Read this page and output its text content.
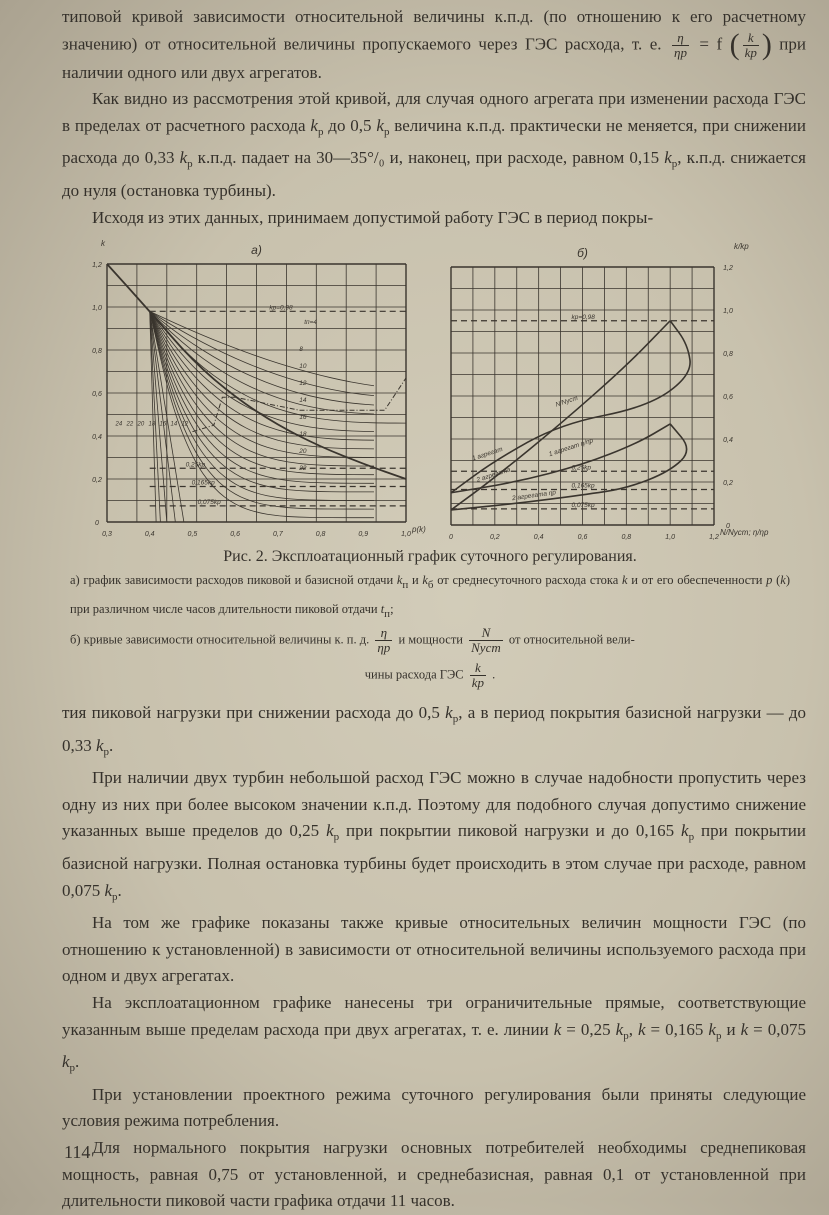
типовой кривой зависимости относительной величины к.п.д. (по отношению к его расчетному значению) от относительной величины пропускаемого через ГЭС расхода, т. е. $\frac{\eta}{\eta р} = f$ ( $\frac{k}{kр}$ ) при наличии одного или двух агрегатов.

Как видно из рассмотрения этой кривой, для случая одного агрегата при изменении расхода ГЭС в пределах от расчетного расхода $k_р$ до 0,5 $k_р$ величина к.п.д. практически не меняется, при снижении расхода до 0,33 $k_р$ к.п.д. падает на 30—35°/₀ и, наконец, при расходе, равном 0,15 $k_р$, к.п.д. снижается до нуля (остановка турбины).

Исходя из этих данных, принимаем допустимой работу ГЭС в период покры-

0,3	0,4	0,5	0,6	0,7	0,8	0,9	1,0
0
0,2
0,4
0,6
0,8
1,0
1,2
а)
k
p(k)
kр=0,98
0,25kр
0,165kр
0,075kр
tп=4
8
10
12
14
16
18
20
22
24 22 20 18 16 14 12
0	0,2	0,4	0,6	0,8	1,0	1,2
0
0,2
0,4
0,6
0,8
1,0
1,2
б)	k/kр
N/Nуст; η/ηр
kр=0,98
0,25kр
0,165kр
0,075kр
N/Nуст
1 агрегат
2 агрегата
1 агрегат η/ηр
2 агрегата ηр
Рис. 2. Эксплоатационный график суточного регулирования.

а) график зависимости расходов пиковой и базисной отдачи kп и kб от среднесуточного расхода стока k и от его обеспеченности p (k) при различном числе часов длительности пиковой отдачи tп;

б) кривые зависимости относительной величины к. п. д. $\frac{\eta}{\eta р}$ и мощности $\frac{N}{\text{Nуст}}$ от относительной вели-

чины расхода ГЭС $\frac{k}{kр}$ .

тия пиковой нагрузки при снижении расхода до 0,5 $k_р$, а в период покрытия базисной нагрузки — до 0,33 $k_р$.

При наличии двух турбин небольшой расход ГЭС можно в случае надобности пропустить через одну из них при более высоком значении к.п.д. Поэтому для подобного случая допустимо снижение указанных выше пределов до 0,25 $k_р$ при покрытии пиковой нагрузки и до 0,165 $k_р$ при покрытии базисной нагрузки. Полная остановка турбины будет происходить в этом случае при расходе, равном 0,075 $k_р$.

На том же графике показаны также кривые относительных величин мощности ГЭС (по отношению к установленной) в зависимости от относительной величины используемого расхода при одном и двух агрегатах.

На эксплоатационном графике нанесены три ограничительные прямые, соответствующие указанным выше пределам расхода при двух агрегатах, т. е. линии k = 0,25 $k_р$, k = 0,165 $k_р$ и k = 0,075 $k_р$.

При установлении проектного режима суточного регулирования были приняты следующие условия режима потребления.

Для нормального покрытия нагрузки основных потребителей необходимы среднепиковая мощность, равная 0,75 от установленной, и среднебазисная, равная 0,1 от установленной при длительности пиковой части графика отдачи 11 часов.

114
